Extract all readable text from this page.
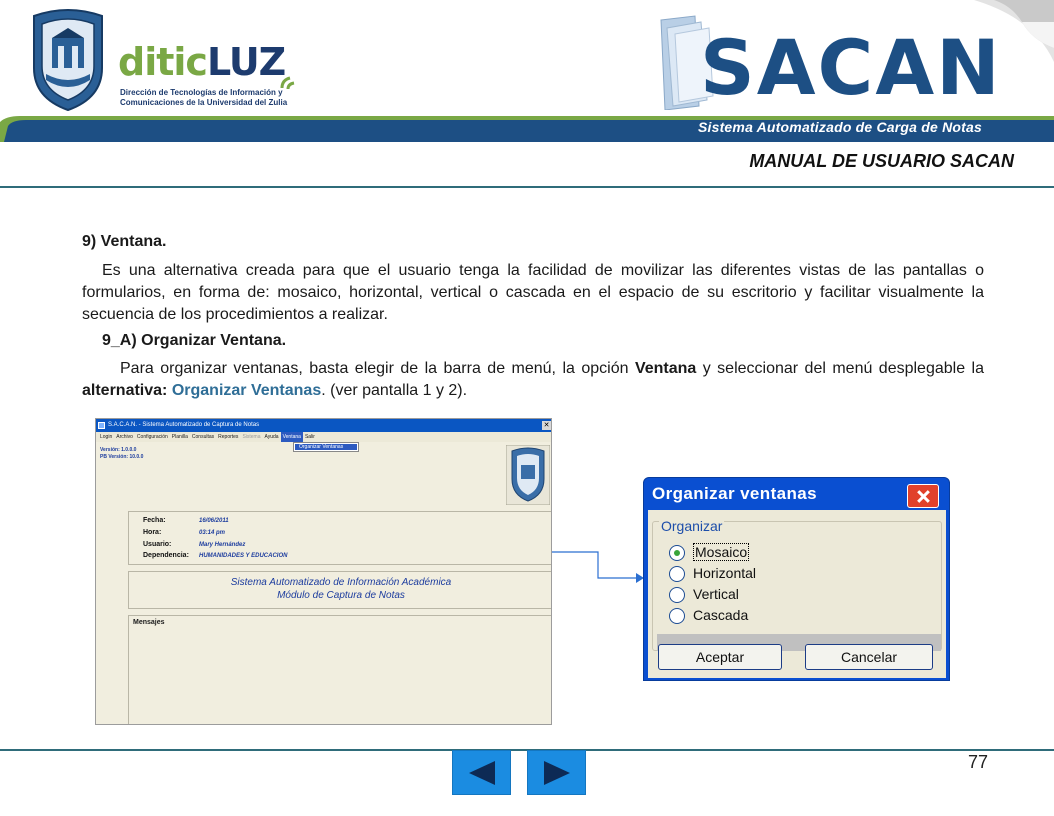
diticLUZ
Dirección de Tecnologías de Información y
Comunicaciones de la Universidad del Zulia	SACAN
Sistema Automatizado de Carga de Notas
MANUAL DE USUARIO SACAN
9) Ventana.

Es una alternativa creada para que el usuario tenga la facilidad de movilizar las diferentes vistas de las pantallas o formularios, en forma de: mosaico, horizontal, vertical o cascada en el espacio de su escritorio y facilitar visualmente la secuencia de los procedimientos a realizar.

9_A) Organizar Ventana.

Para organizar ventanas, basta elegir de la barra de menú, la opción Ventana y seleccionar del menú desplegable la alternativa: Organizar Ventanas. (ver pantalla 1 y 2).

S.A.C.A.N. - Sistema Automatizado de Captura de Notas	✕
Login Archivo Configuración Planilla Consultas Reportes Sistema Ayuda Ventana Salir
Organizar Ventanas
Versión: 1.0.0.0
PB Versión: 10.0.0
Fecha:	16/06/2011
Hora:	03:14 pm
Usuario:	Mary Hernández
Dependencia: HUMANIDADES Y EDUCACION
Sistema Automatizado de Información Académica
Módulo de Captura de Notas
Mensajes
Organizar ventanas
Organizar
Mosaico
Horizontal
Vertical
Cascada
Aceptar	Cancelar
77
